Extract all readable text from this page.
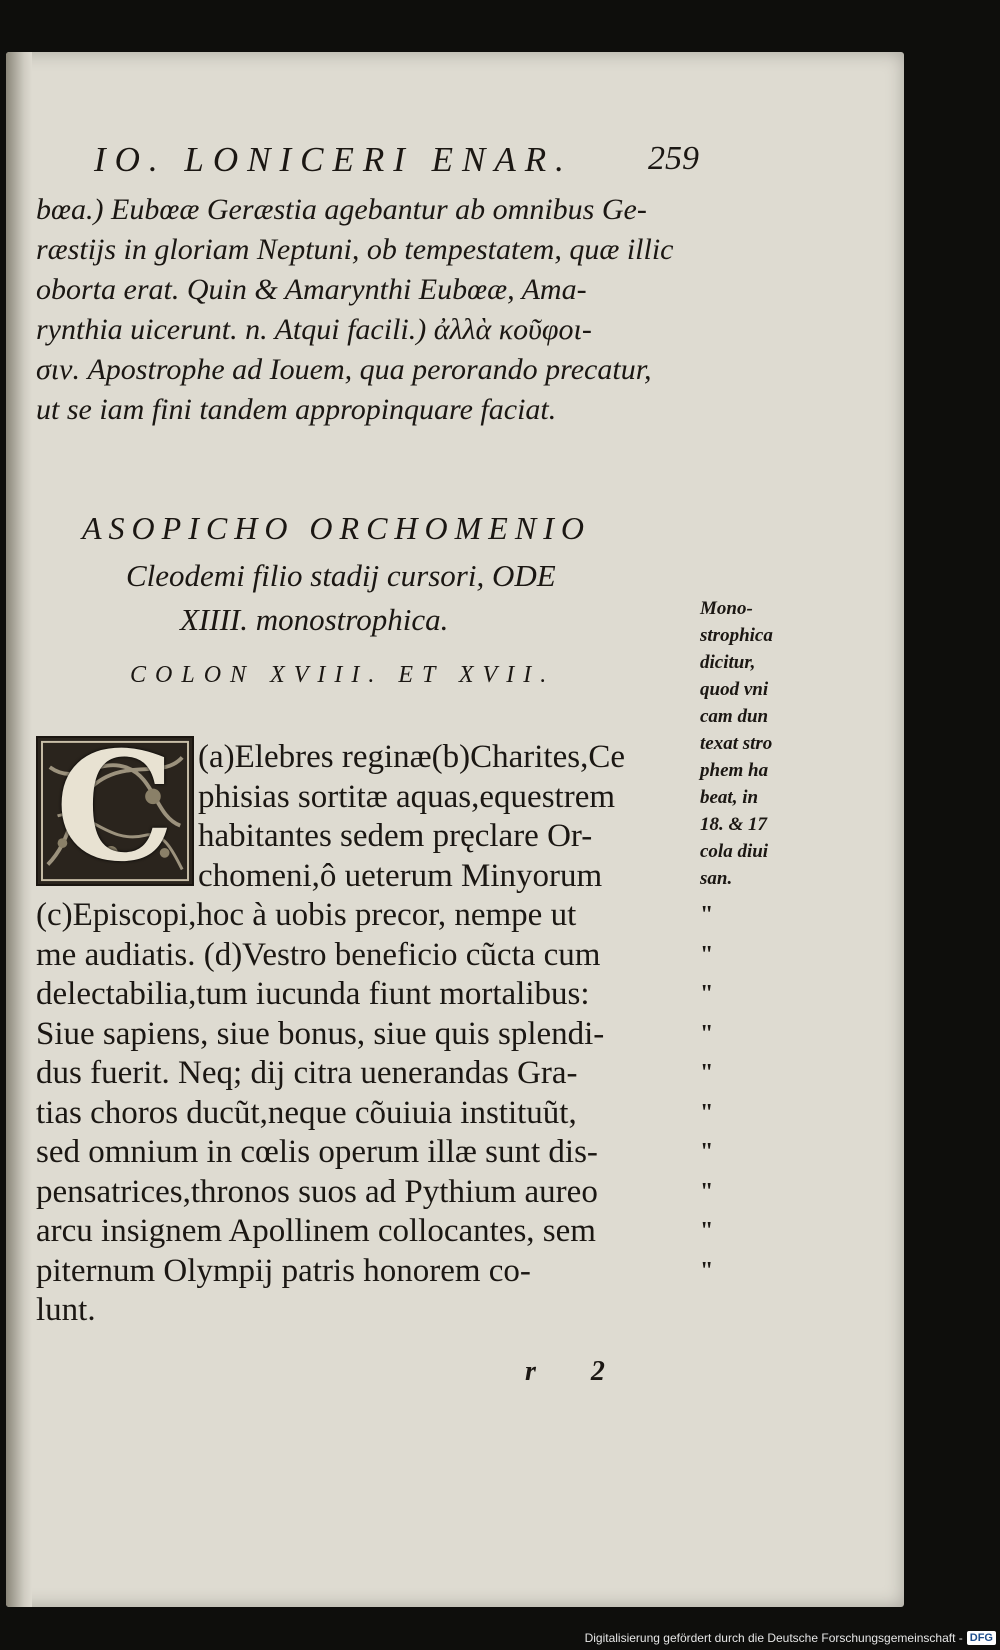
IO. LONICERI ENAR.	259
bœa.) Eubœæ Geræstia agebantur ab omnibus Ge-
ræstijs in gloriam Neptuni, ob tempestatem, quæ illic
oborta erat. Quin & Amarynthi Eubœæ, Ama-
rynthia uicerunt. n. Atqui facili.) ἀλλὰ κοῦφοι-
σιν. Apostrophe ad Iouem, qua perorando precatur,
ut se iam fini tandem appropinquare faciat.
ASOPICHO ORCHOMENIO
Cleodemi filio stadij cursori, ODE
XIIII. monostrophica.
COLON XVIII. ET XVII.
Mono-
strophica
dicitur,
quod vni
cam dun
texat stro
phem ha
beat, in
18. & 17
cola diui
san.
C (a)Elebres reginæ(b)Charites,Ce
phisias sortitæ aquas,equestrem
habitantes sedem pręclare Or-
chomeni,ô ueterum Minyorum
(c)Episcopi,hoc à uobis precor, nempe ut
me audiatis. (d)Vestro beneficio cũcta cum
delectabilia,tum iucunda fiunt mortalibus:
Siue sapiens, siue bonus, siue quis splendi-
dus fuerit. Neq; dij citra uenerandas Gra-
tias choros ducũt,neque cõuiuia instituũt,
sed omnium in cœlis operum illæ sunt dis-
pensatrices,thronos suos ad Pythium aureo
arcu insignem Apollinem collocantes, sem
piternum Olympij patris honorem co-
lunt.
"
"
"
"
"
"
"
"
"
"
r 2
Digitalisierung gefördert durch die Deutsche Forschungsgemeinschaft - DFG
